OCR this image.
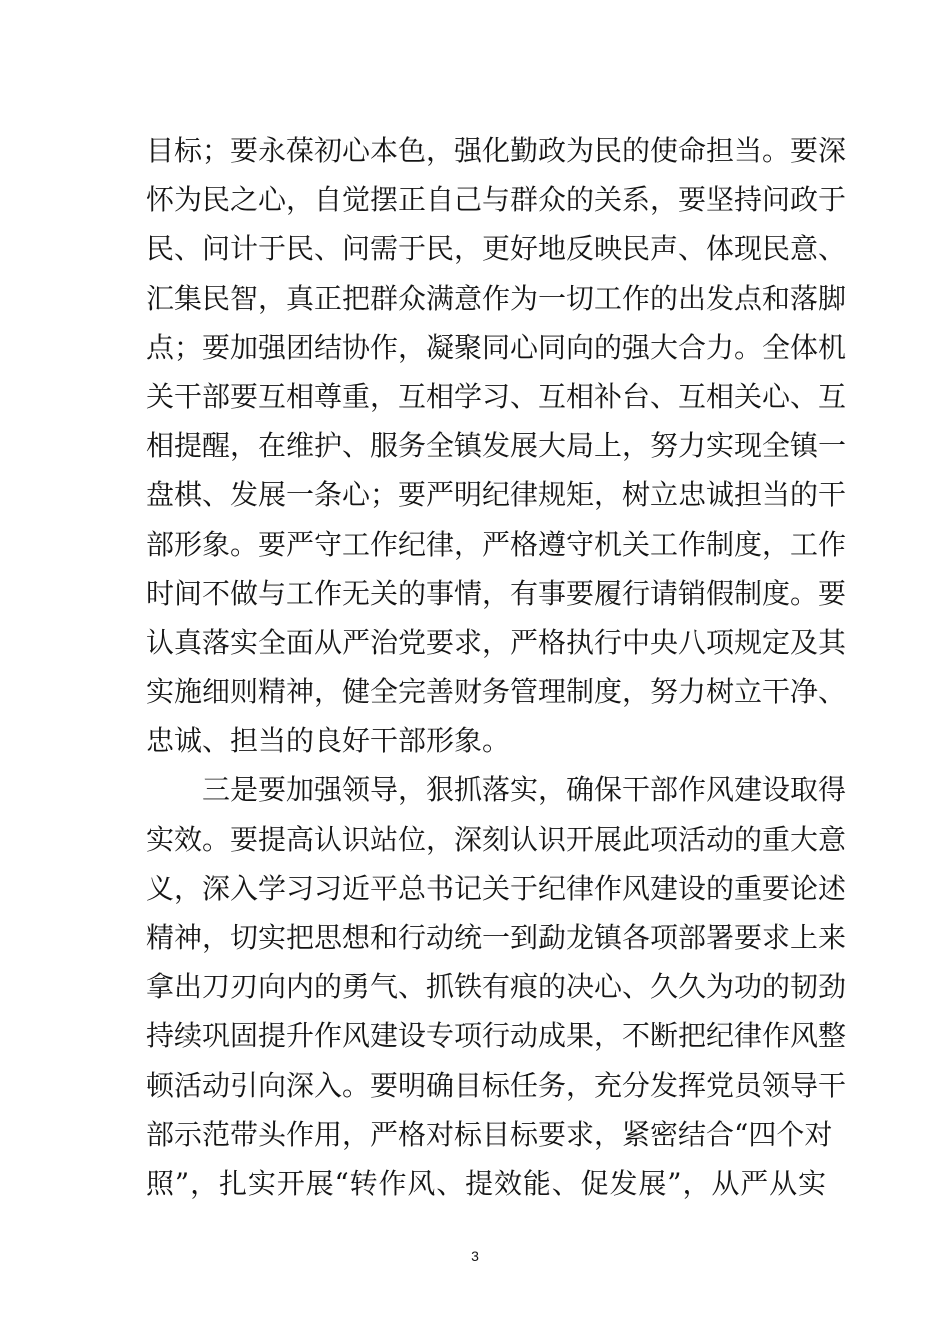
目标；要永葆初心本色，强化勤政为民的使命担当。要深
怀为民之心，自觉摆正自己与群众的关系，要坚持问政于
民、问计于民、问需于民，更好地反映民声、体现民意、
汇集民智，真正把群众满意作为一切工作的出发点和落脚
点；要加强团结协作，凝聚同心同向的强大合力。全体机
关干部要互相尊重，互相学习、互相补台、互相关心、互
相提醒，在维护、服务全镇发展大局上，努力实现全镇一
盘棋、发展一条心；要严明纪律规矩，树立忠诚担当的干
部形象。要严守工作纪律，严格遵守机关工作制度，工作
时间不做与工作无关的事情，有事要履行请销假制度。要
认真落实全面从严治党要求，严格执行中央八项规定及其
实施细则精神，健全完善财务管理制度，努力树立干净、
忠诚、担当的良好干部形象。
三是要加强领导，狠抓落实，确保干部作风建设取得
实效。要提高认识站位，深刻认识开展此项活动的重大意
义，深入学习习近平总书记关于纪律作风建设的重要论述
精神，切实把思想和行动统一到勐龙镇各项部署要求上来
拿出刀刃向内的勇气、抓铁有痕的决心、久久为功的韧劲
持续巩固提升作风建设专项行动成果，不断把纪律作风整
顿活动引向深入。要明确目标任务，充分发挥党员领导干
部示范带头作用，严格对标目标要求，紧密结合“四个对
照”，扎实开展“转作风、提效能、促发展”，从严从实
3
